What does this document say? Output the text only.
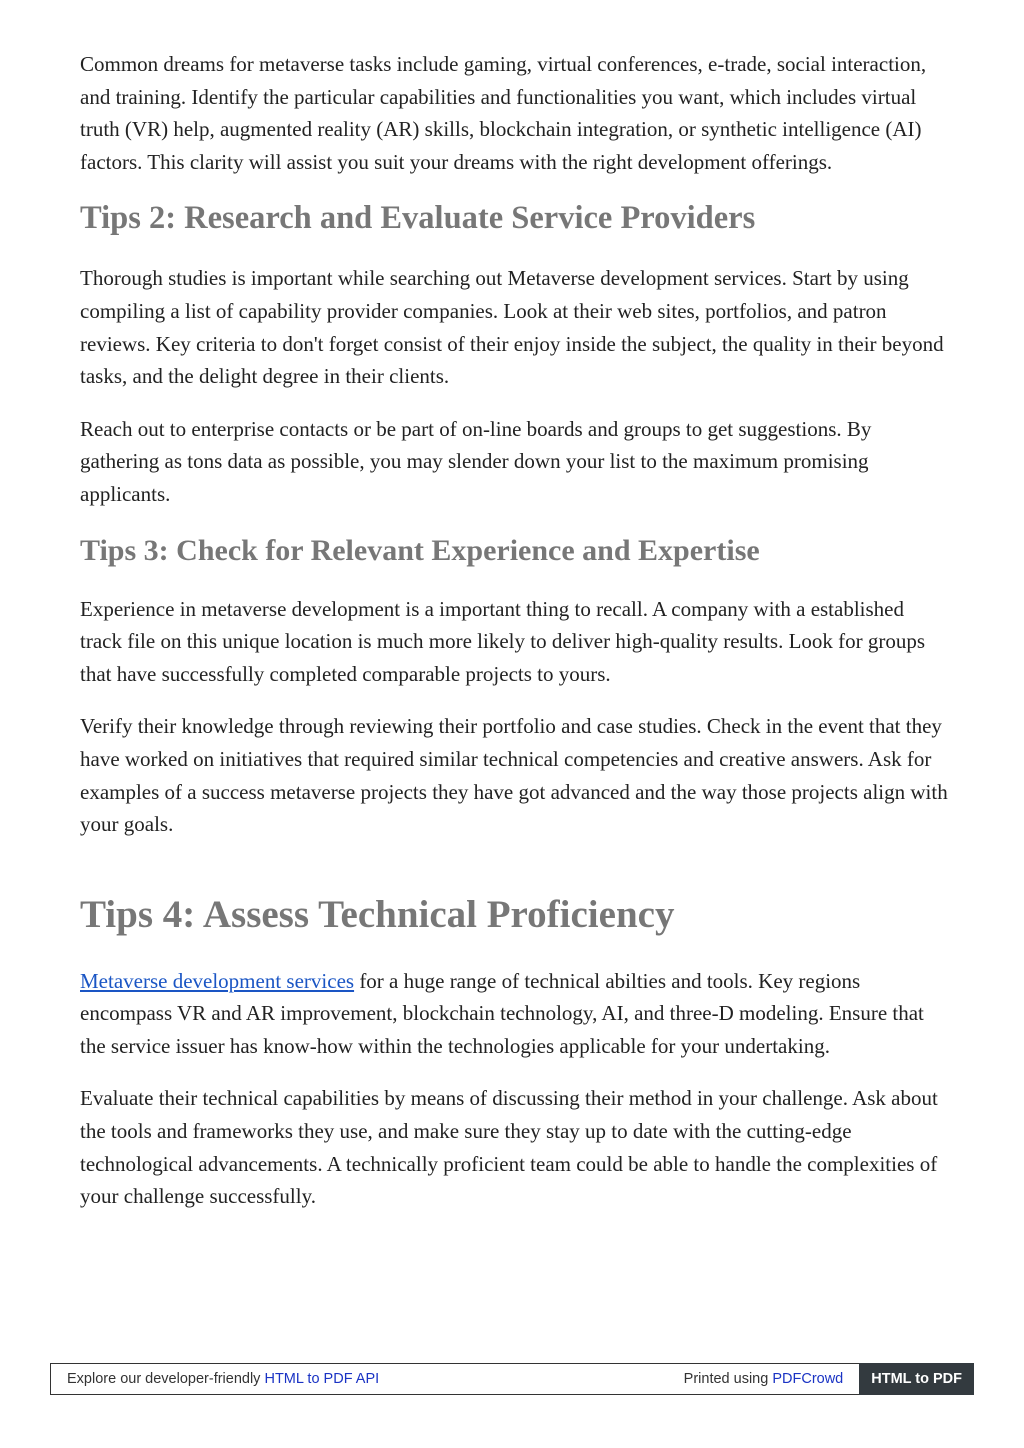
Common dreams for metaverse tasks include gaming, virtual conferences, e-trade, social interaction, and training. Identify the particular capabilities and functionalities you want, which includes virtual truth (VR) help, augmented reality (AR) skills, blockchain integration, or synthetic intelligence (AI) factors. This clarity will assist you suit your dreams with the right development offerings.

Tips 2: Research and Evaluate Service Providers

Thorough studies is important while searching out Metaverse development services. Start by using compiling a list of capability provider companies. Look at their web sites, portfolios, and patron reviews. Key criteria to don't forget consist of their enjoy inside the subject, the quality in their beyond tasks, and the delight degree in their clients.

Reach out to enterprise contacts or be part of on-line boards and groups to get suggestions. By gathering as tons data as possible, you may slender down your list to the maximum promising applicants.

Tips 3: Check for Relevant Experience and Expertise

Experience in metaverse development is a important thing to recall. A company with a established track file on this unique location is much more likely to deliver high-quality results. Look for groups that have successfully completed comparable projects to yours.

Verify their knowledge through reviewing their portfolio and case studies. Check in the event that they have worked on initiatives that required similar technical competencies and creative answers. Ask for examples of a success metaverse projects they have got advanced and the way those projects align with your goals.

Tips 4: Assess Technical Proficiency

Metaverse development services for a huge range of technical abilties and tools. Key regions encompass VR and AR improvement, blockchain technology, AI, and three-D modeling. Ensure that the service issuer has know-how within the technologies applicable for your undertaking.

Evaluate their technical capabilities by means of discussing their method in your challenge. Ask about the tools and frameworks they use, and make sure they stay up to date with the cutting-edge technological advancements. A technically proficient team could be able to handle the complexities of your challenge successfully.

Explore our developer-friendly HTML to PDF API	Printed using PDFCrowd	HTML to PDF
